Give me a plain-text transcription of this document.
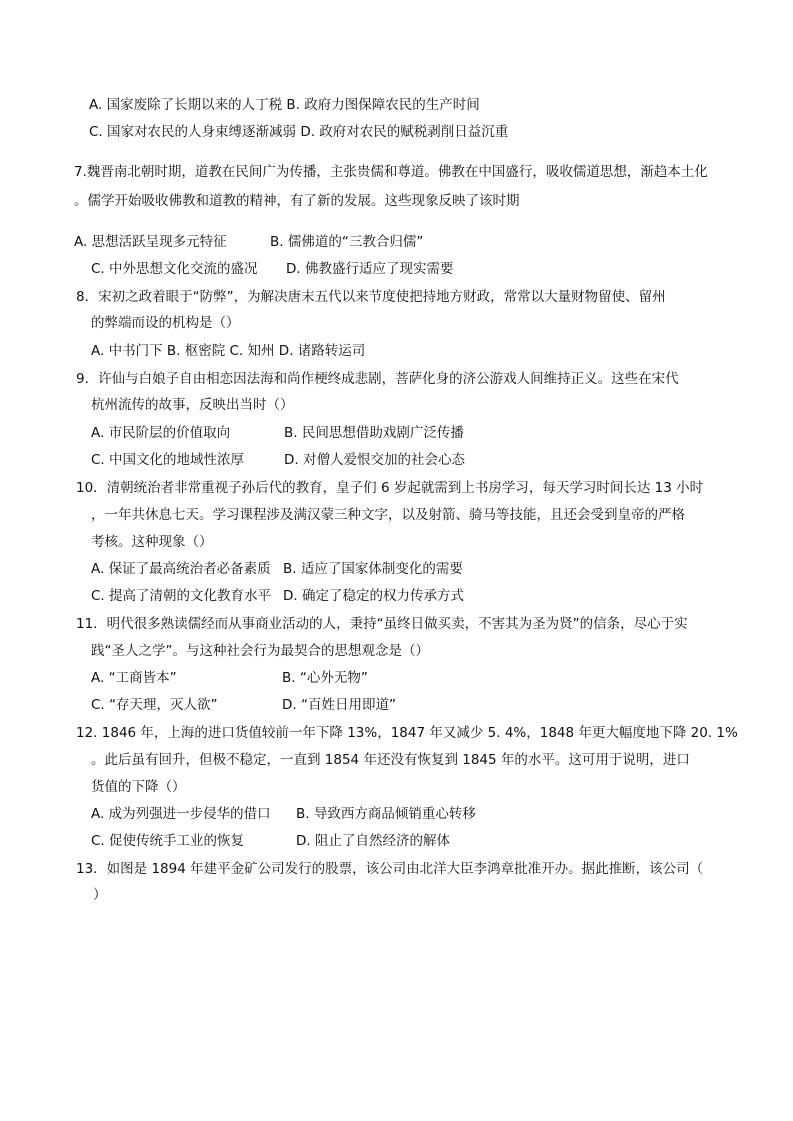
A. 国家废除了长期以来的人丁税 B. 政府力图保障农民的生产时间
C. 国家对农民的人身束缚逐渐减弱 D. 政府对农民的赋税剥削日益沉重
7.魏晋南北朝时期，道教在民间广为传播，主张贵儒和尊道。佛教在中国盛行，吸收儒道思想，渐趋本土化
。儒学开始吸收佛教和道教的精神，有了新的发展。这些现象反映了该时期
A. 思想活跃呈现多元特征	B. 儒佛道的“三教合归儒”
C. 中外思想文化交流的盛况 D. 佛教盛行适应了现实需要
8．宋初之政着眼于“防弊”，为解决唐末五代以来节度使把持地方财政，常常以大量财物留使、留州
的弊端而设的机构是（）
A. 中书门下 B. 枢密院 C. 知州 D. 诸路转运司
9．许仙与白娘子自由相恋因法海和尚作梗终成悲剧，菩萨化身的济公游戏人间维持正义。这些在宋代
杭州流传的故事，反映出当时（）
A. 市民阶层的价值取向	B. 民间思想借助戏剧广泛传播
C. 中国文化的地域性浓厚	D. 对僧人爱恨交加的社会心态
10．清朝统治者非常重视子孙后代的教育，皇子们 6 岁起就需到上书房学习，每天学习时间长达 13 小时
，一年共休息七天。学习课程涉及满汉蒙三种文字，以及射箭、骑马等技能，且还会受到皇帝的严格
考核。这种现象（）
A. 保证了最高统治者必备素质 B. 适应了国家体制变化的需要
C. 提高了清朝的文化教育水平 D. 确定了稳定的权力传承方式
11．明代很多熟读儒经而从事商业活动的人，秉持“虽终日做买卖，不害其为圣为贤”的信条，尽心于实
践“圣人之学”。与这种社会行为最契合的思想观念是（）
A. “工商皆本”	B. “心外无物”
C. “存天理，灭人欲”	D. “百姓日用即道”
12. 1846 年，上海的进口货值较前一年下降 13%，1847 年又减少 5. 4%，1848 年更大幅度地下降 20. 1%
。此后虽有回升，但极不稳定，一直到 1854 年还没有恢复到 1845 年的水平。这可用于说明，进口
货值的下降（）
A. 成为列强进一步侵华的借口 B. 导致西方商品倾销重心转移
C. 促使传统手工业的恢复	D. 阻止了自然经济的解体
13．如图是 1894 年建平金矿公司发行的股票，该公司由北洋大臣李鸿章批准开办。据此推断，该公司（
）
